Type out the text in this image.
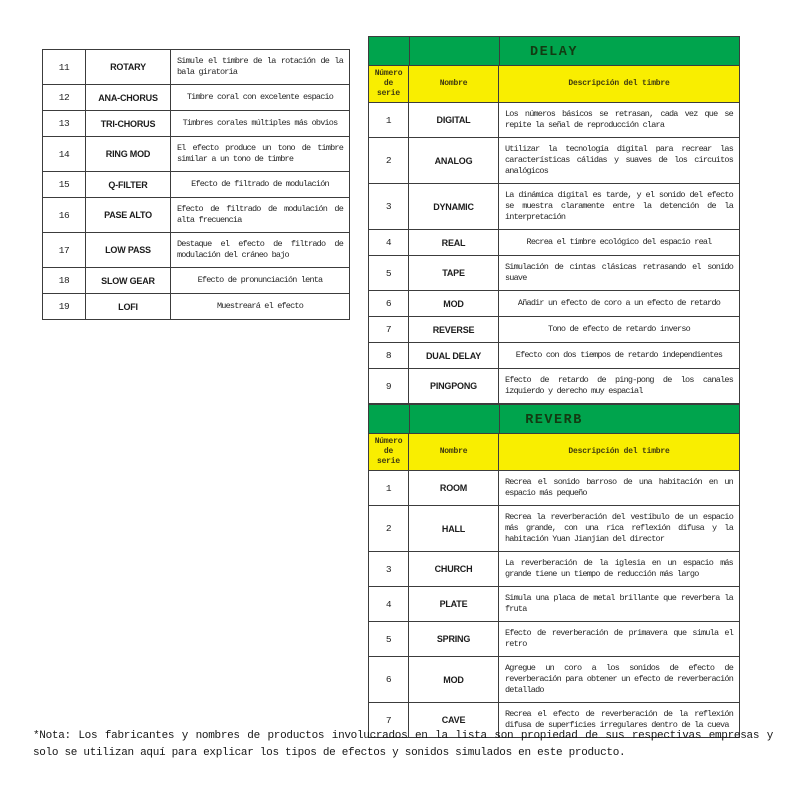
11	ROTARY	Simule el timbre de la rotación de la bala giratoria

12	ANA-CHORUS	Timbre coral con excelente espacio

13	TRI-CHORUS	Timbres corales múltiples más obvios

14	RING MOD	El efecto produce un tono de timbre similar a un tono de timbre

15	Q-FILTER	Efecto de filtrado de modulación

16	PASE ALTO	Efecto de filtrado de modulación de alta frecuencia

17	LOW PASS	Destaque el efecto de filtrado de modulación del cráneo bajo

18	SLOW GEAR	Efecto de pronunciación lenta

19	LOFI	Muestreará el efecto
DELAY		
Número de serie	Nombre	Descripción del timbre
1	DIGITAL	Los números básicos se retrasan, cada vez que se repite la señal de reproducción clara

2	ANALOG	Utilizar la tecnología digital para recrear las características cálidas y suaves de los circuitos analógicos

3	DYNAMIC	La dinámica digital es tarde, y el sonido del efecto se muestra claramente entre la detención de la interpretación

4	REAL	Recrea el timbre ecológico del espacio real

5	TAPE	Simulación de cintas clásicas retrasando el sonido suave

6	MOD	Añadir un efecto de coro a un efecto de retardo

7	REVERSE	Tono de efecto de retardo inverso

8	DUAL DELAY	Efecto con dos tiempos de retardo independientes

9	PINGPONG	Efecto de retardo de ping-pong de los canales izquierdo y derecho muy espacial
REVERB		
Número de serie	Nombre	Descripción del timbre
1	ROOM	Recrea el sonido barroso de una habitación en un espacio más pequeño

2	HALL	Recrea la reverberación del vestíbulo de un espacio más grande, con una rica reflexión difusa y la habitación Yuan Jianjian del director

3	CHURCH	La reverberación de la iglesia en un espacio más grande tiene un tiempo de reducción más largo

4	PLATE	Simula una placa de metal brillante que reverbera la fruta

5	SPRING	Efecto de reverberación de primavera que simula el retro

6	MOD	Agregue un coro a los sonidos de efecto de reverberación para obtener un efecto de reverberación detallado

7	CAVE	Recrea el efecto de reverberación de la reflexión difusa de superficies irregulares dentro de la cueva

*Nota: Los fabricantes y nombres de productos involucrados en la lista son propiedad de sus respectivas empresas y solo se utilizan aquí para explicar los tipos de efectos y sonidos simulados en este producto.
